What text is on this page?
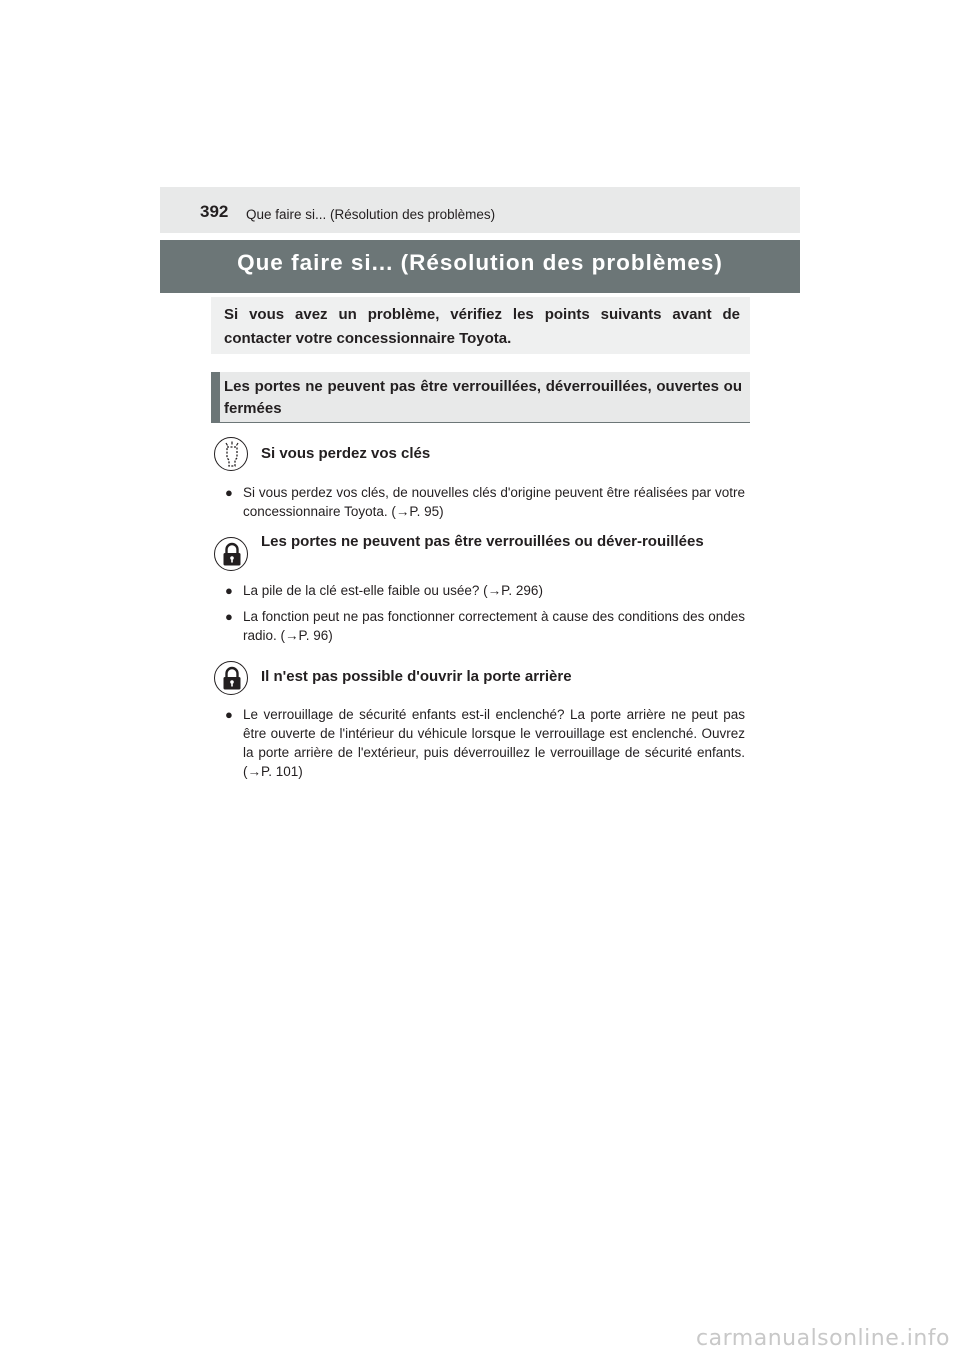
392 Que faire si... (Résolution des problèmes)
Que faire si... (Résolution des problèmes)
Si vous avez un problème, vérifiez les points suivants avant de contacter votre concessionnaire Toyota.
Les portes ne peuvent pas être verrouillées, déverrouillées, ouvertes ou fermées
Si vous perdez vos clés
● Si vous perdez vos clés, de nouvelles clés d'origine peuvent être réalisées par votre concessionnaire Toyota. (→P. 95)
Les portes ne peuvent pas être verrouillées ou déver-rouillées
● La pile de la clé est-elle faible ou usée? (→P. 296)
● La fonction peut ne pas fonctionner correctement à cause des conditions des ondes radio. (→P. 96)
Il n'est pas possible d'ouvrir la porte arrière
● Le verrouillage de sécurité enfants est-il enclenché? La porte arrière ne peut pas être ouverte de l'intérieur du véhicule lorsque le verrouillage est enclenché. Ouvrez la porte arrière de l'extérieur, puis déverrouillez le verrouillage de sécurité enfants. (→P. 101)
carmanualsonline.info
